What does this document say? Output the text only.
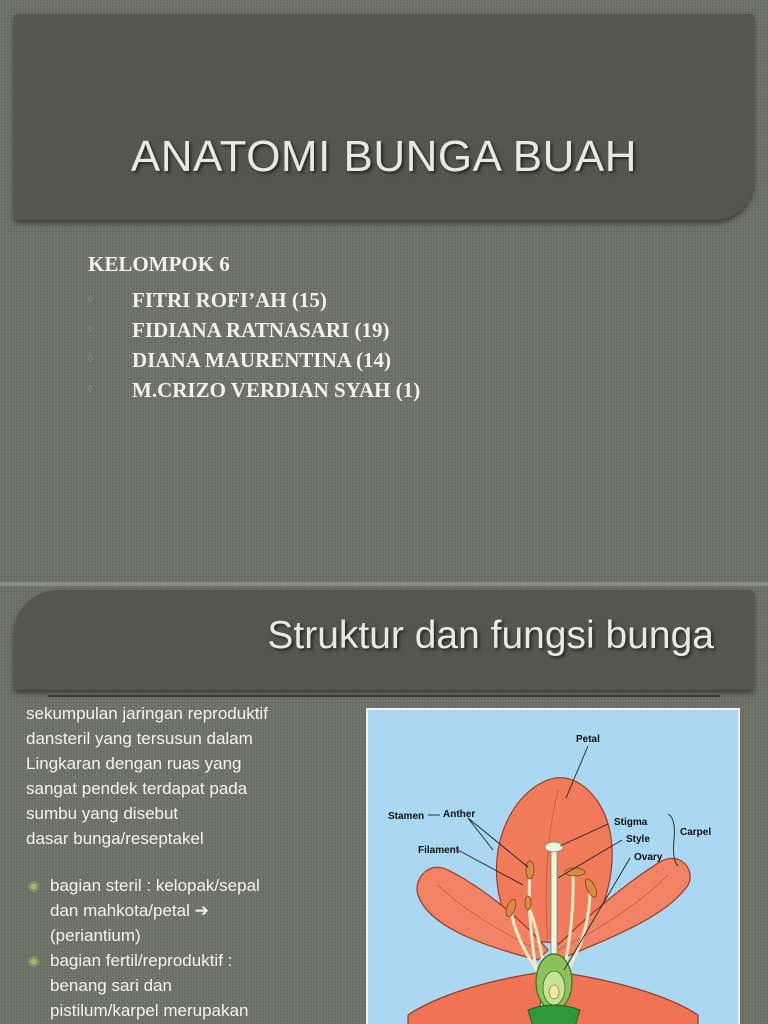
ANATOMI BUNGA BUAH
KELOMPOK 6
◊ FITRI ROFI’AH (15)
◊ FIDIANA RATNASARI (19)
◊ DIANA MAURENTINA (14)
◊ M.CRIZO VERDIAN SYAH (1)
Struktur dan fungsi bunga

sekumpulan jaringan reproduktif

dansteril yang tersusun dalam

Lingkaran dengan ruas yang

sangat pendek terdapat pada

sumbu yang disebut

dasar bunga/reseptakel

◉ bagian steril : kelopak/sepal
dan mahkota/petal ➔
(periantium)
◉ bagian fertil/reproduktif :
benang sari dan
pistilum/karpel merupakan
Petal
Stamen Anther
Stigma
Carpel
Style
Filament
Ovary
